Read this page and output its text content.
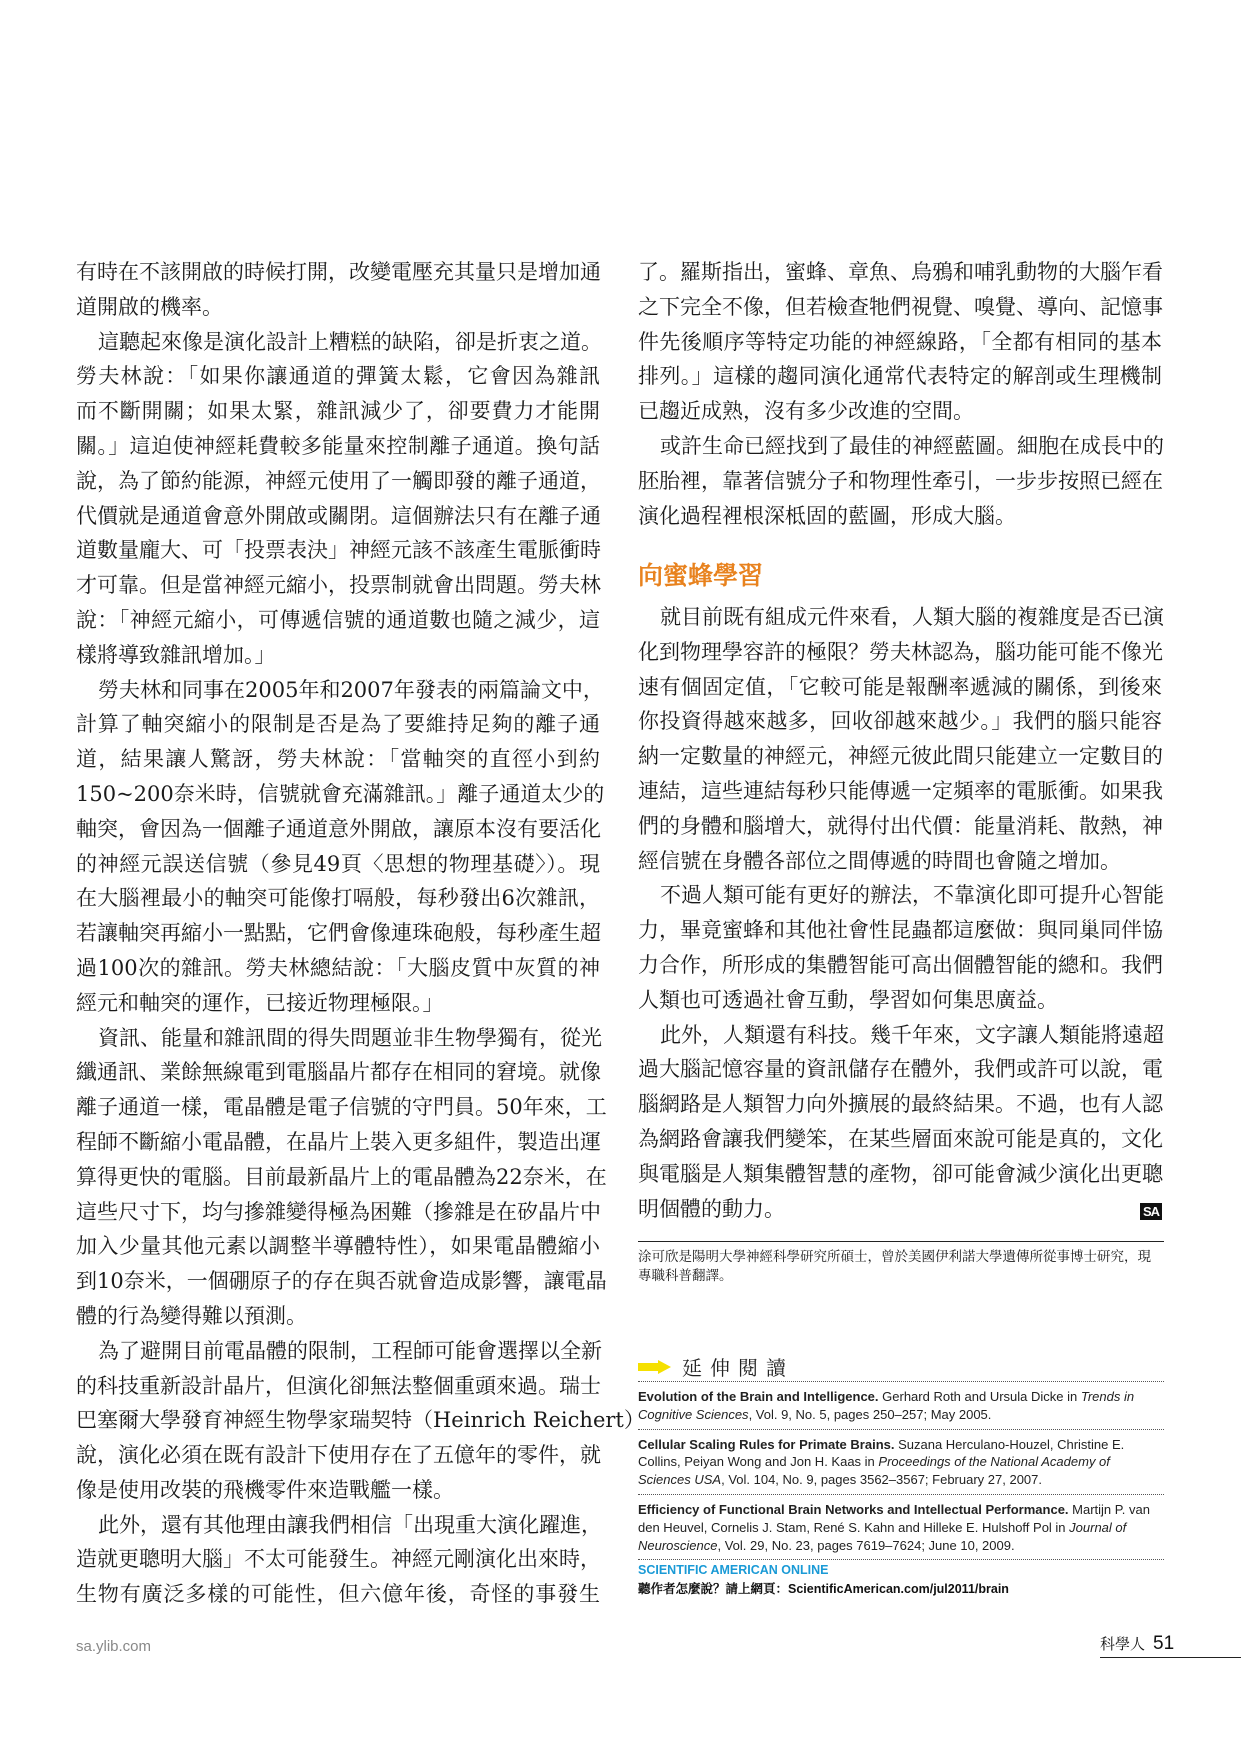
有時在不該開啟的時候打開，改變電壓充其量只是增加通
道開啟的機率。
這聽起來像是演化設計上糟糕的缺陷，卻是折衷之道。
勞夫林說：「如果你讓通道的彈簧太鬆，它會因為雜訊
而不斷開關；如果太緊，雜訊減少了，卻要費力才能開
關。」這迫使神經耗費較多能量來控制離子通道。換句話
說，為了節約能源，神經元使用了一觸即發的離子通道，
代價就是通道會意外開啟或關閉。這個辦法只有在離子通
道數量龐大、可「投票表決」神經元該不該產生電脈衝時
才可靠。但是當神經元縮小，投票制就會出問題。勞夫林
說：「神經元縮小，可傳遞信號的通道數也隨之減少，這
樣將導致雜訊增加。」
勞夫林和同事在2005年和2007年發表的兩篇論文中，
計算了軸突縮小的限制是否是為了要維持足夠的離子通
道，結果讓人驚訝，勞夫林說：「當軸突的直徑小到約
150~200奈米時，信號就會充滿雜訊。」離子通道太少的
軸突，會因為一個離子通道意外開啟，讓原本沒有要活化
的神經元誤送信號（參見49頁〈思想的物理基礎〉）。現
在大腦裡最小的軸突可能像打嗝般，每秒發出6次雜訊，
若讓軸突再縮小一點點，它們會像連珠砲般，每秒產生超
過100次的雜訊。勞夫林總結說：「大腦皮質中灰質的神
經元和軸突的運作，已接近物理極限。」
資訊、能量和雜訊間的得失問題並非生物學獨有，從光
纖通訊、業餘無線電到電腦晶片都存在相同的窘境。就像
離子通道一樣，電晶體是電子信號的守門員。50年來，工
程師不斷縮小電晶體，在晶片上裝入更多組件，製造出運
算得更快的電腦。目前最新晶片上的電晶體為22奈米，在
這些尺寸下，均勻摻雜變得極為困難（摻雜是在矽晶片中
加入少量其他元素以調整半導體特性），如果電晶體縮小
到10奈米，一個硼原子的存在與否就會造成影響，讓電晶
體的行為變得難以預測。
為了避開目前電晶體的限制，工程師可能會選擇以全新
的科技重新設計晶片，但演化卻無法整個重頭來過。瑞士
巴塞爾大學發育神經生物學家瑞契特（Heinrich Reichert）
說，演化必須在既有設計下使用存在了五億年的零件，就
像是使用改裝的飛機零件來造戰艦一樣。
此外，還有其他理由讓我們相信「出現重大演化躍進，
造就更聰明大腦」不太可能發生。神經元剛演化出來時，
生物有廣泛多樣的可能性，但六億年後，奇怪的事發生
了。羅斯指出，蜜蜂、章魚、烏鴉和哺乳動物的大腦乍看
之下完全不像，但若檢查牠們視覺、嗅覺、導向、記憶事
件先後順序等特定功能的神經線路，「全都有相同的基本
排列。」這樣的趨同演化通常代表特定的解剖或生理機制
已趨近成熟，沒有多少改進的空間。
或許生命已經找到了最佳的神經藍圖。細胞在成長中的
胚胎裡，靠著信號分子和物理性牽引，一步步按照已經在
演化過程裡根深柢固的藍圖，形成大腦。
向蜜蜂學習
就目前既有組成元件來看，人類大腦的複雜度是否已演
化到物理學容許的極限？勞夫林認為，腦功能可能不像光
速有個固定值，「它較可能是報酬率遞減的關係，到後來
你投資得越來越多，回收卻越來越少。」我們的腦只能容
納一定數量的神經元，神經元彼此間只能建立一定數目的
連結，這些連結每秒只能傳遞一定頻率的電脈衝。如果我
們的身體和腦增大，就得付出代價：能量消耗、散熱，神
經信號在身體各部位之間傳遞的時間也會隨之增加。
不過人類可能有更好的辦法，不靠演化即可提升心智能
力，畢竟蜜蜂和其他社會性昆蟲都這麼做：與同巢同伴協
力合作，所形成的集體智能可高出個體智能的總和。我們
人類也可透過社會互動，學習如何集思廣益。
此外，人類還有科技。幾千年來，文字讓人類能將遠超
過大腦記憶容量的資訊儲存在體外，我們或許可以說，電
腦網路是人類智力向外擴展的最終結果。不過，也有人認
為網路會讓我們變笨，在某些層面來說可能是真的，文化
與電腦是人類集體智慧的產物，卻可能會減少演化出更聰
明個體的動力。	SA
涂可欣是陽明大學神經科學研究所碩士，曾於美國伊利諾大學遺傳所從事博士研究，現專職科普翻譯。
延伸閱讀
Evolution of the Brain and Intelligence. Gerhard Roth and Ursula Dicke in Trends in Cognitive Sciences, Vol. 9, No. 5, pages 250–257; May 2005.
Cellular Scaling Rules for Primate Brains. Suzana Herculano-Houzel, Christine E. Collins, Peiyan Wong and Jon H. Kaas in Proceedings of the National Academy of Sciences USA, Vol. 104, No. 9, pages 3562–3567; February 27, 2007.
Efficiency of Functional Brain Networks and Intellectual Performance. Martijn P. van den Heuvel, Cornelis J. Stam, René S. Kahn and Hilleke E. Hulshoff Pol in Journal of Neuroscience, Vol. 29, No. 23, pages 7619–7624; June 10, 2009.
SCIENTIFIC AMERICAN ONLINE
聽作者怎麼說？請上網頁：ScientificAmerican.com/jul2011/brain
sa.ylib.com	科學人 51
